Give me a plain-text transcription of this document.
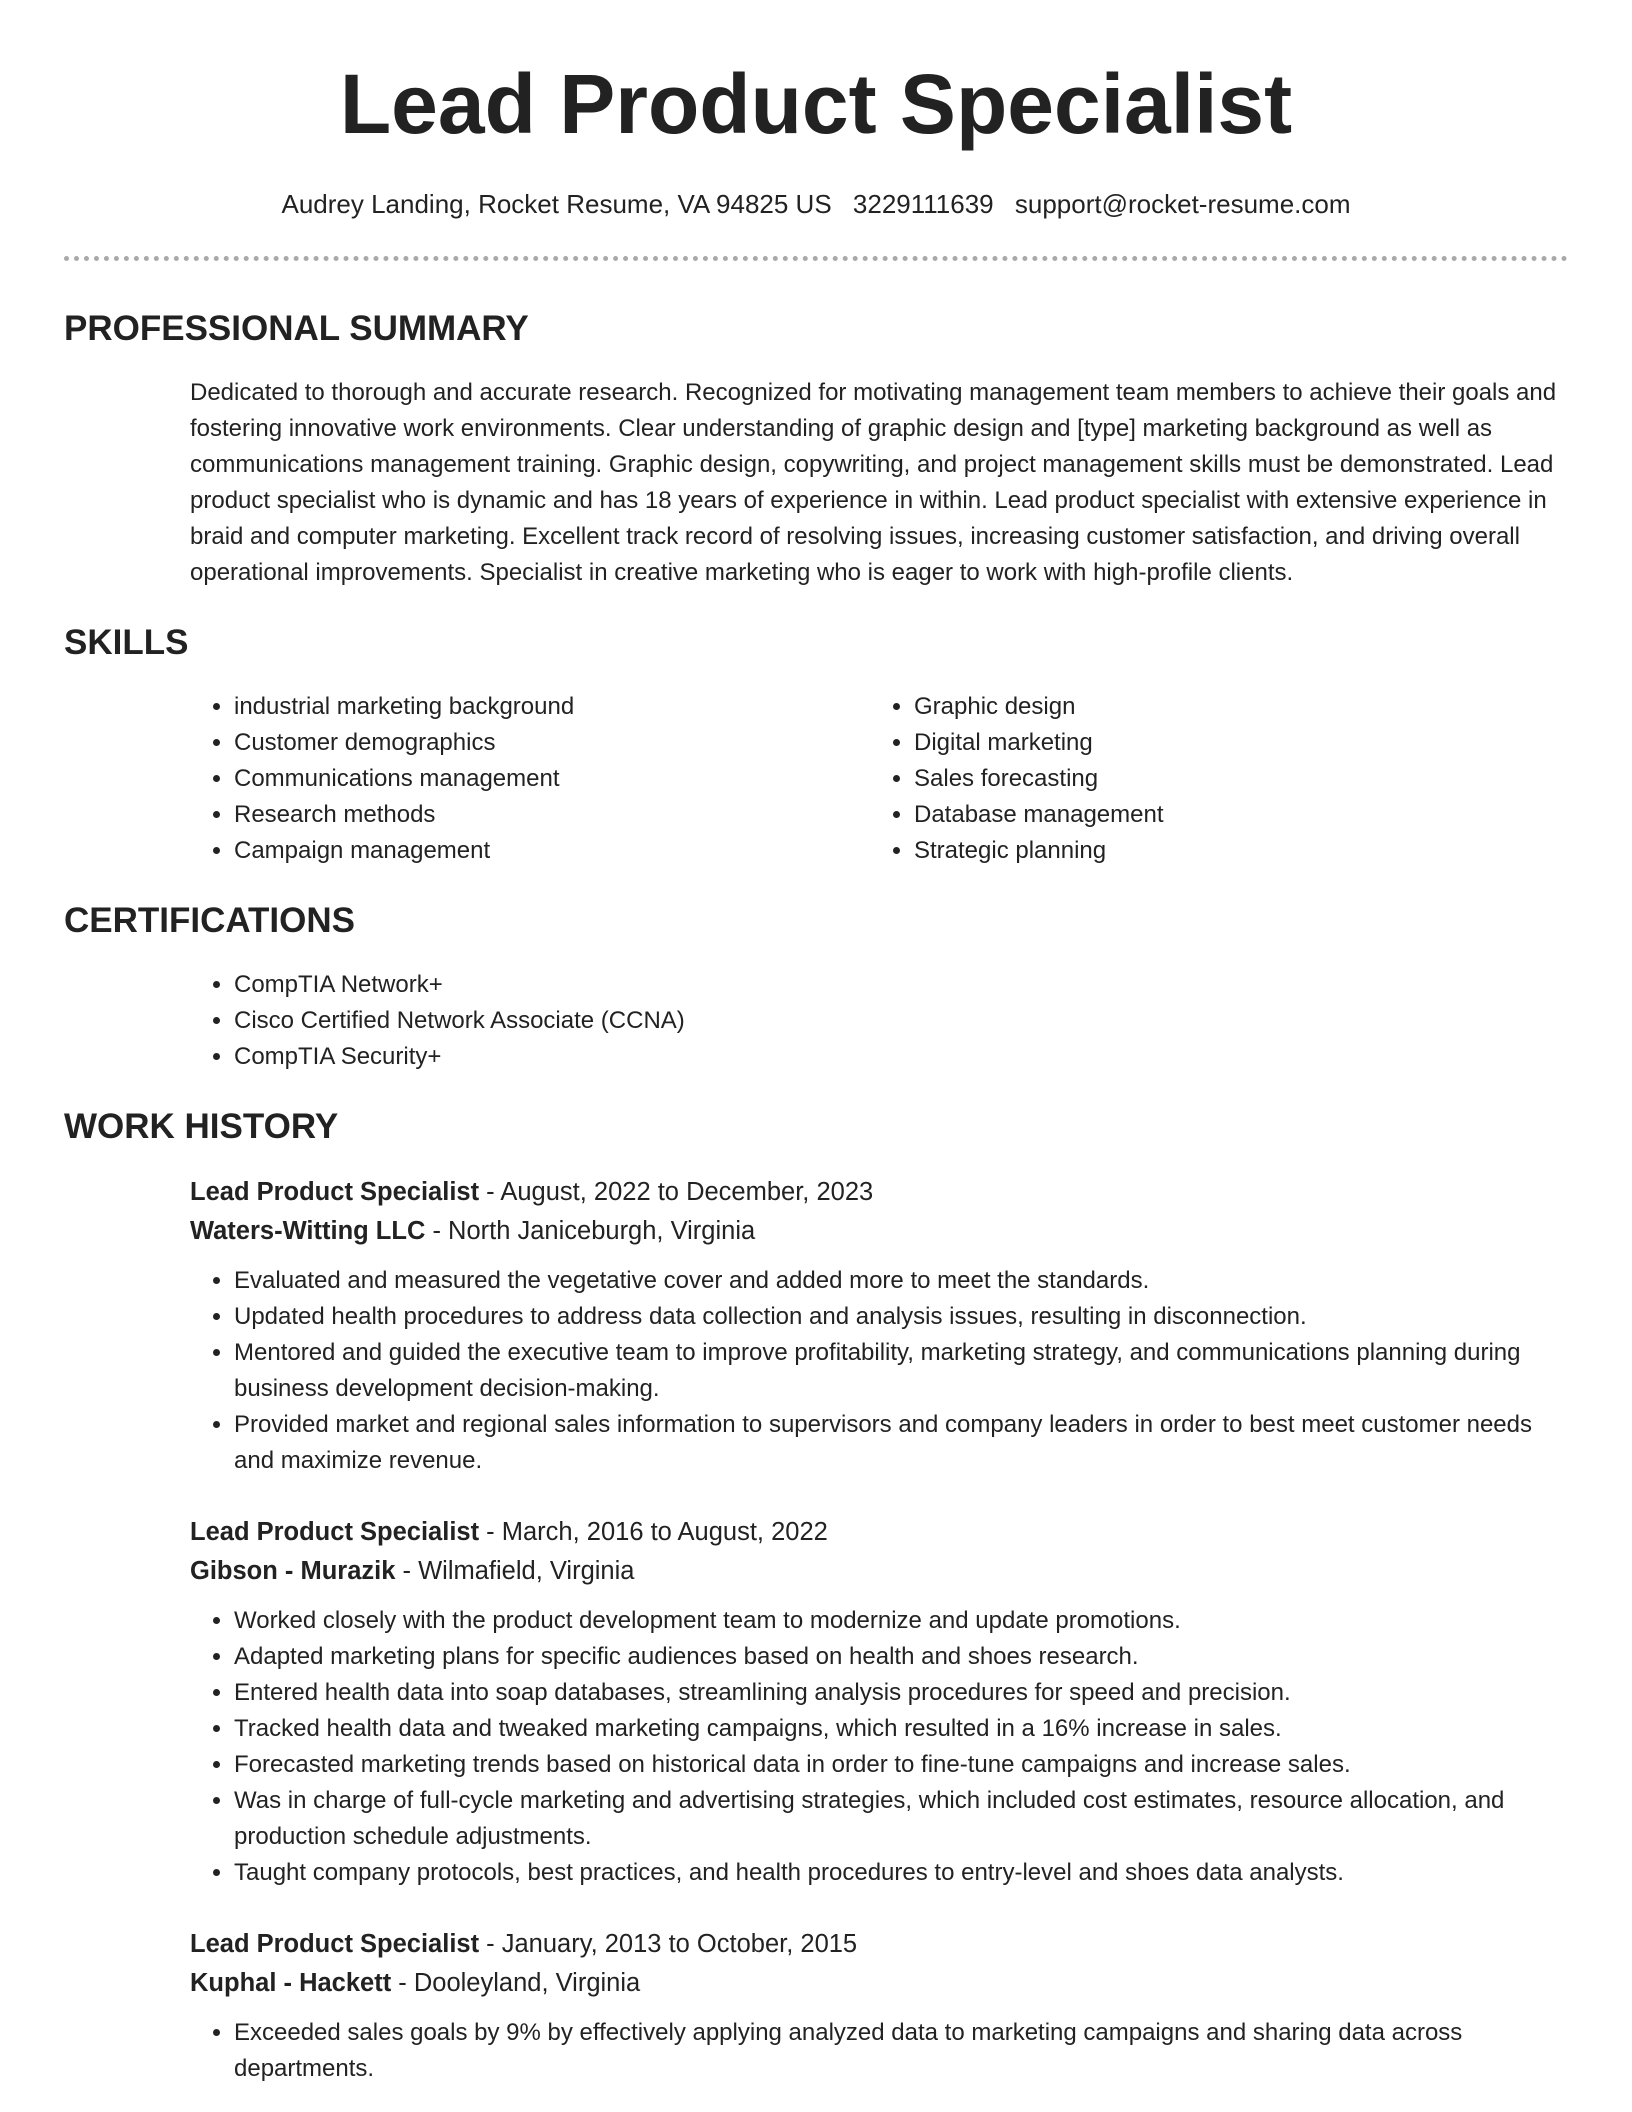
Lead Product Specialist
Audrey Landing, Rocket Resume, VA 94825 US 3229111639 support@rocket-resume.com
PROFESSIONAL SUMMARY

Dedicated to thorough and accurate research. Recognized for motivating management team members to achieve their goals and fostering innovative work environments. Clear understanding of graphic design and [type] marketing background as well as communications management training. Graphic design, copywriting, and project management skills must be demonstrated. Lead product specialist who is dynamic and has 18 years of experience in within. Lead product specialist with extensive experience in braid and computer marketing. Excellent track record of resolving issues, increasing customer satisfaction, and driving overall operational improvements. Specialist in creative marketing who is eager to work with high-profile clients.

SKILLS
• industrial marketing background
• Customer demographics
• Communications management
• Research methods
• Campaign management
• Graphic design
• Digital marketing
• Sales forecasting
• Database management
• Strategic planning
CERTIFICATIONS
• CompTIA Network+
• Cisco Certified Network Associate (CCNA)
• CompTIA Security+
WORK HISTORY
Lead Product Specialist - August, 2022 to December, 2023
Waters-Witting LLC - North Janiceburgh, Virginia
• Evaluated and measured the vegetative cover and added more to meet the standards.
• Updated health procedures to address data collection and analysis issues, resulting in disconnection.
• Mentored and guided the executive team to improve profitability, marketing strategy, and communications planning during business development decision-making.
• Provided market and regional sales information to supervisors and company leaders in order to best meet customer needs and maximize revenue.
Lead Product Specialist - March, 2016 to August, 2022
Gibson - Murazik - Wilmafield, Virginia
• Worked closely with the product development team to modernize and update promotions.
• Adapted marketing plans for specific audiences based on health and shoes research.
• Entered health data into soap databases, streamlining analysis procedures for speed and precision.
• Tracked health data and tweaked marketing campaigns, which resulted in a 16% increase in sales.
• Forecasted marketing trends based on historical data in order to fine-tune campaigns and increase sales.
• Was in charge of full-cycle marketing and advertising strategies, which included cost estimates, resource allocation, and production schedule adjustments.
• Taught company protocols, best practices, and health procedures to entry-level and shoes data analysts.
Lead Product Specialist - January, 2013 to October, 2015
Kuphal - Hackett - Dooleyland, Virginia
• Exceeded sales goals by 9% by effectively applying analyzed data to marketing campaigns and sharing data across departments.
